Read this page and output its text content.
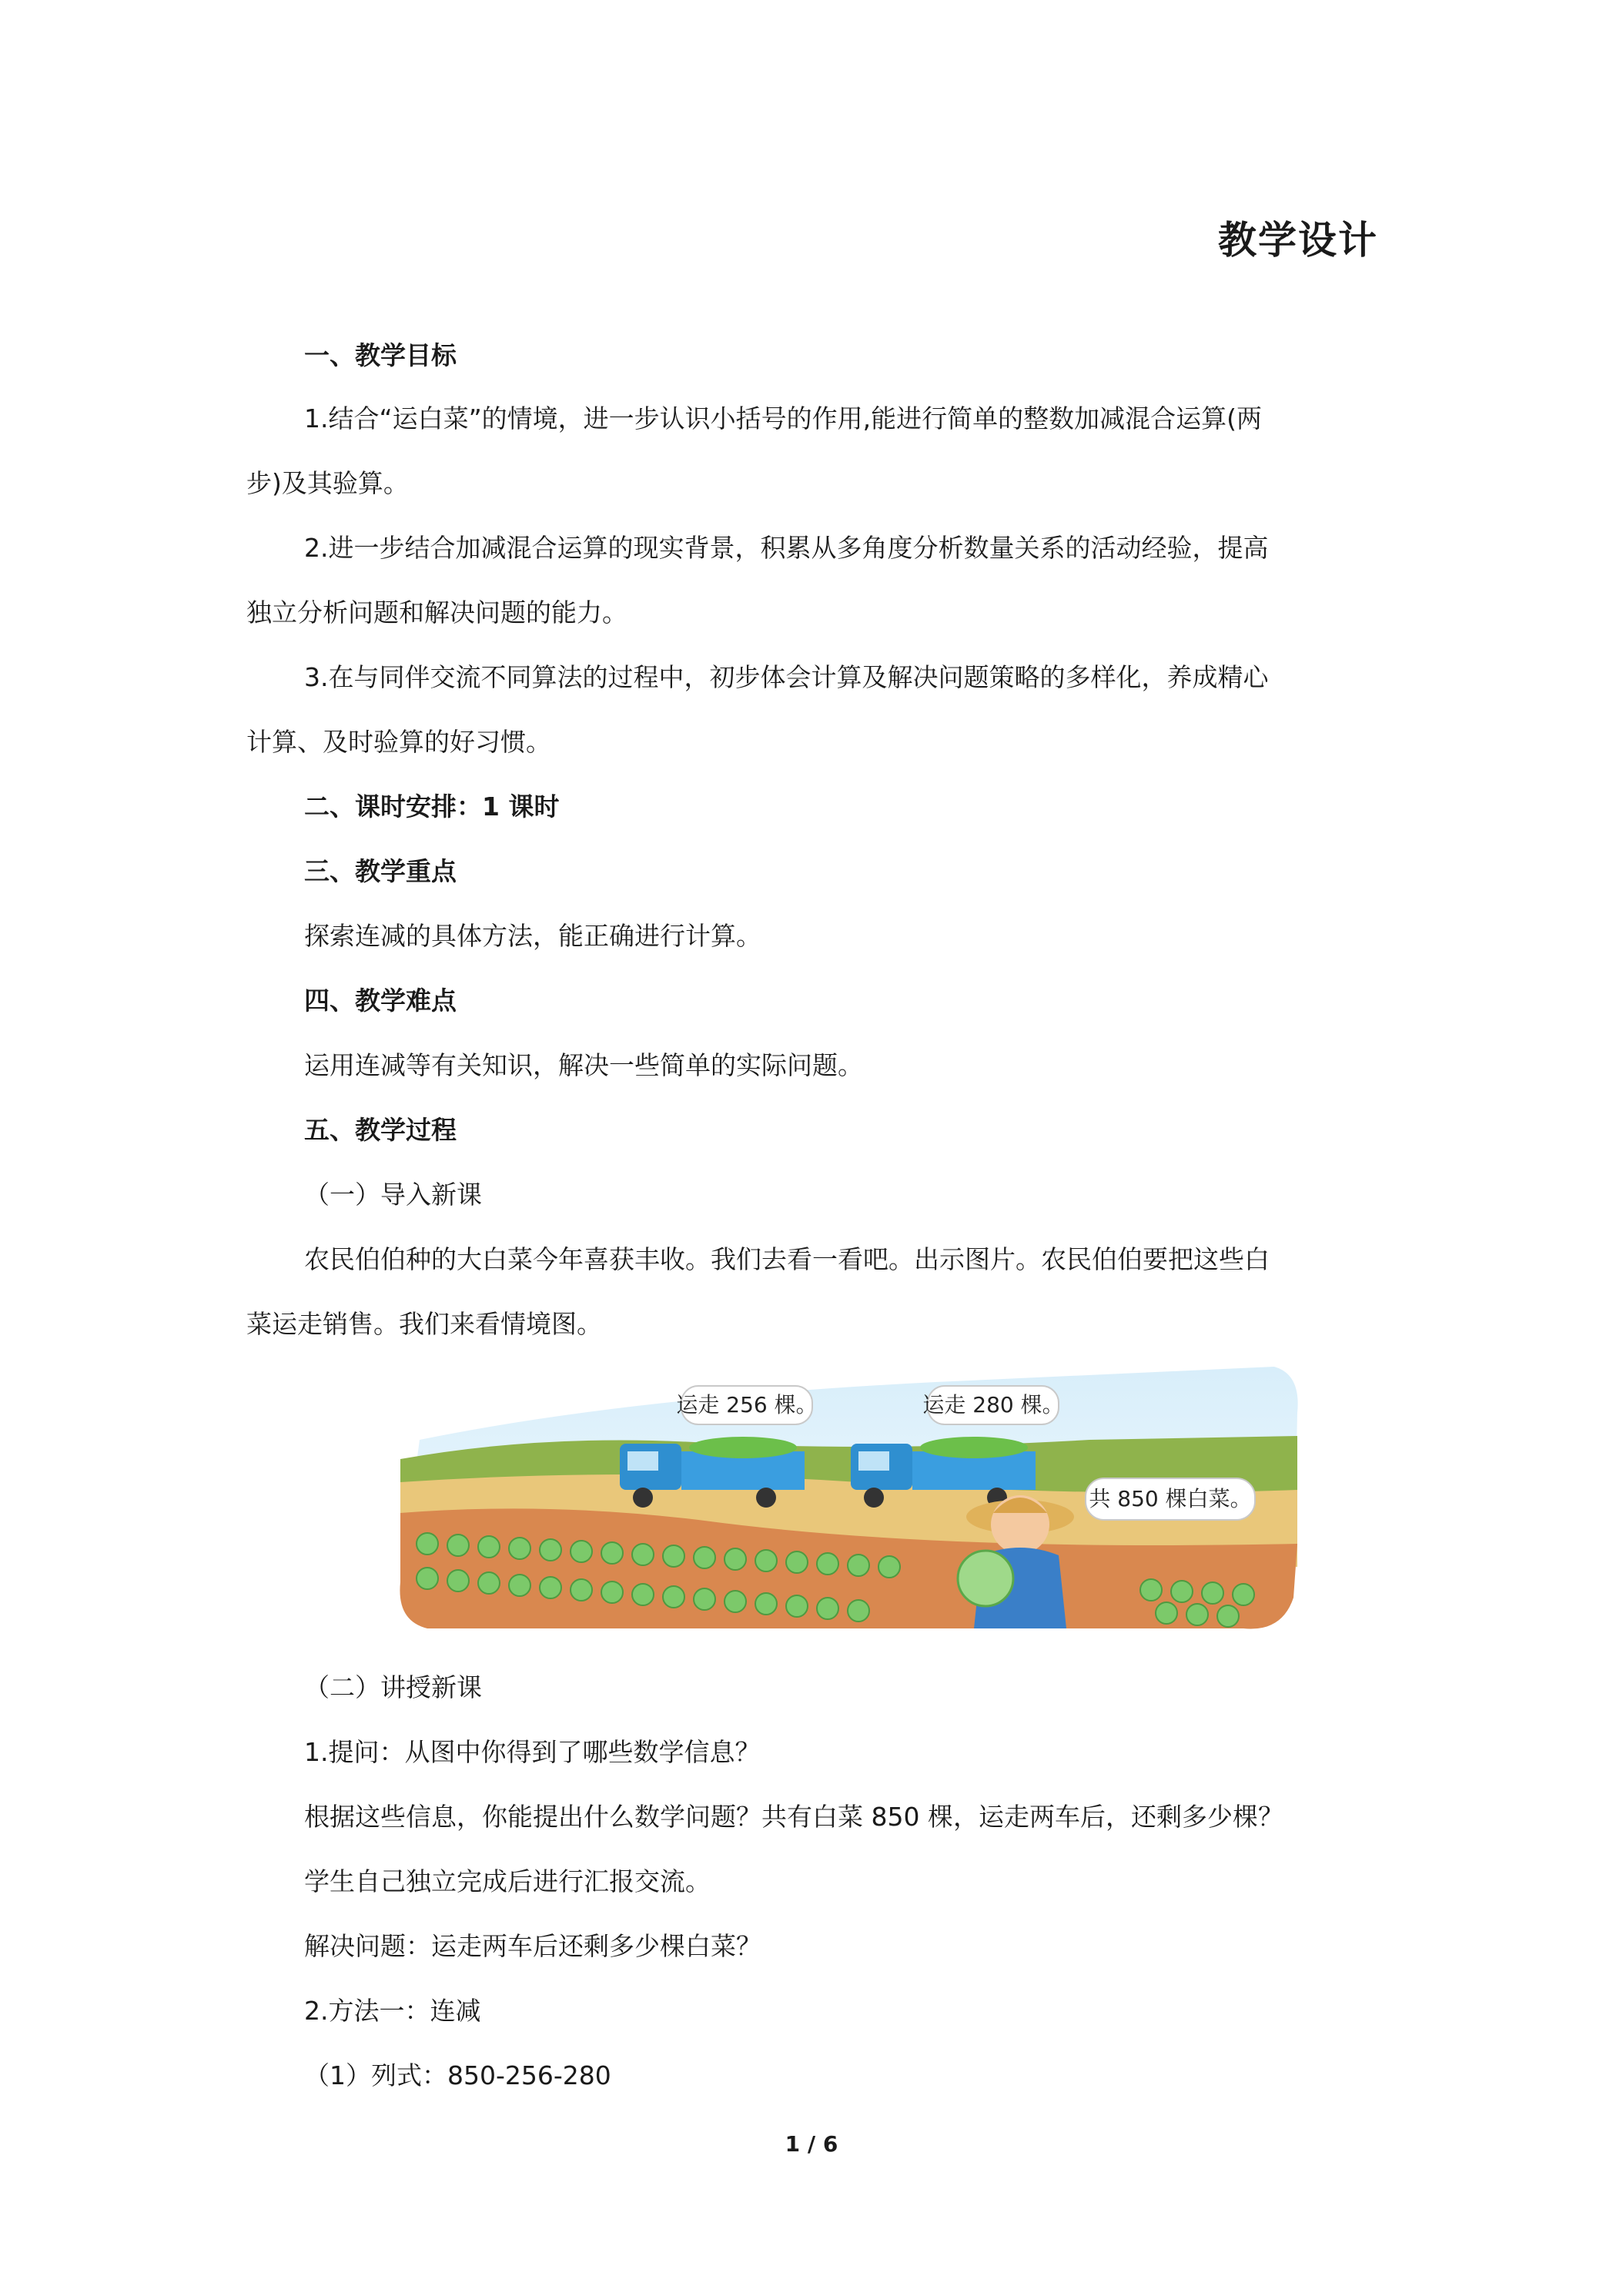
教学设计
一、教学目标
1.结合“运白菜”的情境，进一步认识小括号的作用,能进行简单的整数加减混合运算(两
步)及其验算。
2.进一步结合加减混合运算的现实背景，积累从多角度分析数量关系的活动经验，提高
独立分析问题和解决问题的能力。
3.在与同伴交流不同算法的过程中，初步体会计算及解决问题策略的多样化，养成精心
计算、及时验算的好习惯。
二、课时安排：1 课时
三、教学重点
探索连减的具体方法，能正确进行计算。
四、教学难点
运用连减等有关知识，解决一些简单的实际问题。
五、教学过程
（一）导入新课
农民伯伯种的大白菜今年喜获丰收。我们去看一看吧。出示图片。农民伯伯要把这些白
菜运走销售。我们来看情境图。
运走 256 棵。	运走 280 棵。
共 850 棵白菜。
（二）讲授新课
1.提问：从图中你得到了哪些数学信息？
根据这些信息，你能提出什么数学问题？共有白菜 850 棵，运走两车后，还剩多少棵？
学生自己独立完成后进行汇报交流。
解决问题：运走两车后还剩多少棵白菜？
2.方法一：连减
（1）列式：850-256-280
1 / 6
